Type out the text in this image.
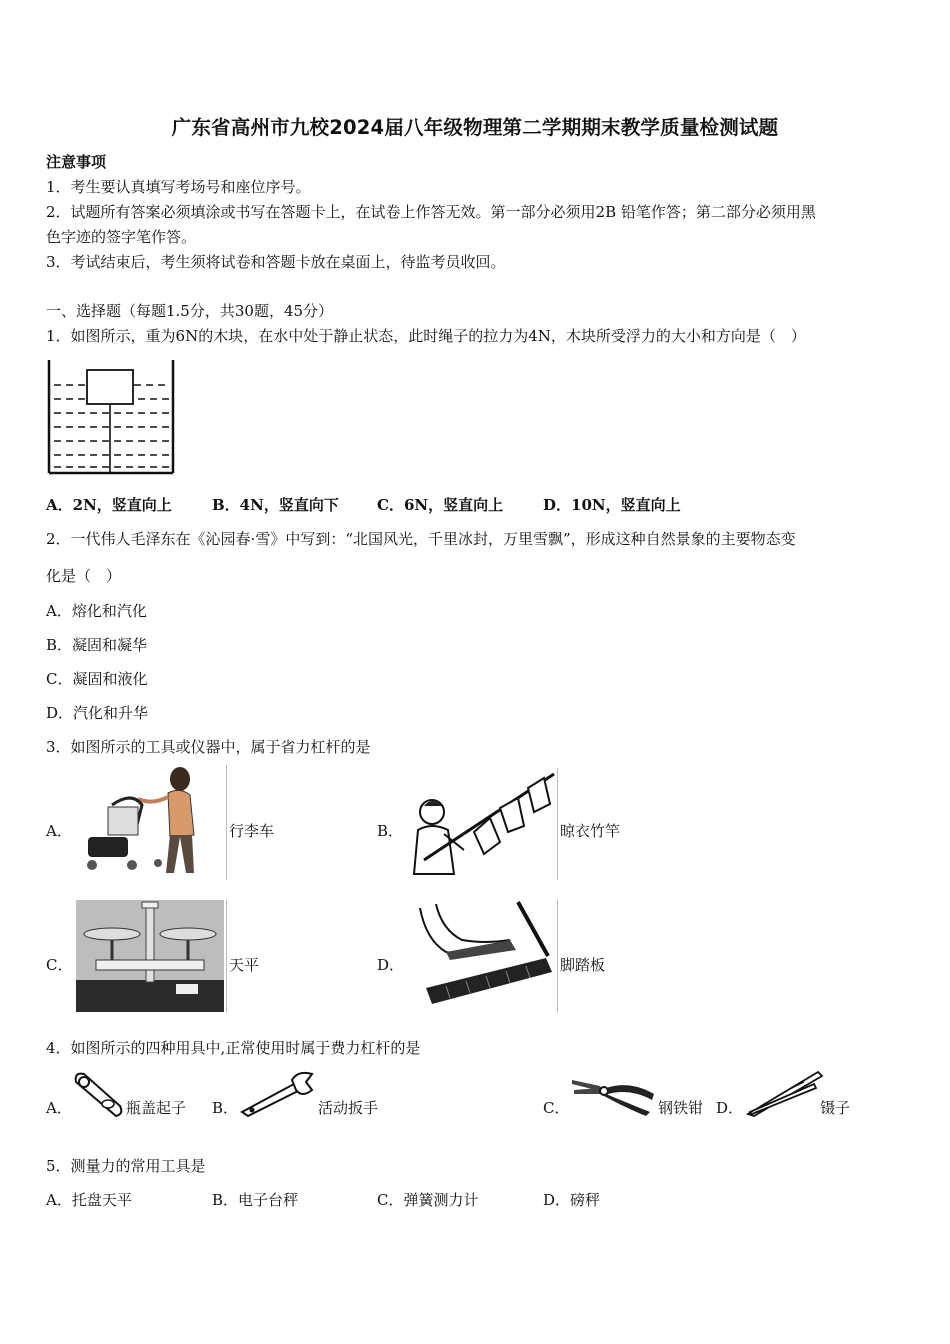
广东省高州市九校2024届八年级物理第二学期期末教学质量检测试题
注意事项
1．考生要认真填写考场号和座位序号。
2．试题所有答案必须填涂或书写在答题卡上，在试卷上作答无效。第一部分必须用2B 铅笔作答；第二部分必须用黑
色字迹的签字笔作答。
3．考试结束后，考生须将试卷和答题卡放在桌面上，待监考员收回。
一、选择题（每题1.5分，共30题，45分）
1．如图所示，重为6N的木块，在水中处于静止状态，此时绳子的拉力为4N，木块所受浮力的大小和方向是（　）
A．2N，竖直向上	B．4N，竖直向下	C．6N，竖直向上	D．10N，竖直向上
2．一代伟人毛泽东在《沁园春·雪》中写到：“北国风光，千里冰封，万里雪飘”，形成这种自然景象的主要物态变
化是（　）
A．熔化和汽化
B．凝固和凝华
C．凝固和液化
D．汽化和升华
3．如图所示的工具或仪器中，属于省力杠杆的是
A．	行李车	B．	晾衣竹竿
C．	天平	D．	脚踏板
4．如图所示的四种用具中,正常使用时属于费力杠杆的是
A．	瓶盖起子 B．	活动扳手	C．	钢铁钳 D．	镊子
5．测量力的常用工具是
A．托盘天平	B．电子台秤	C．弹簧测力计	D．磅秤
